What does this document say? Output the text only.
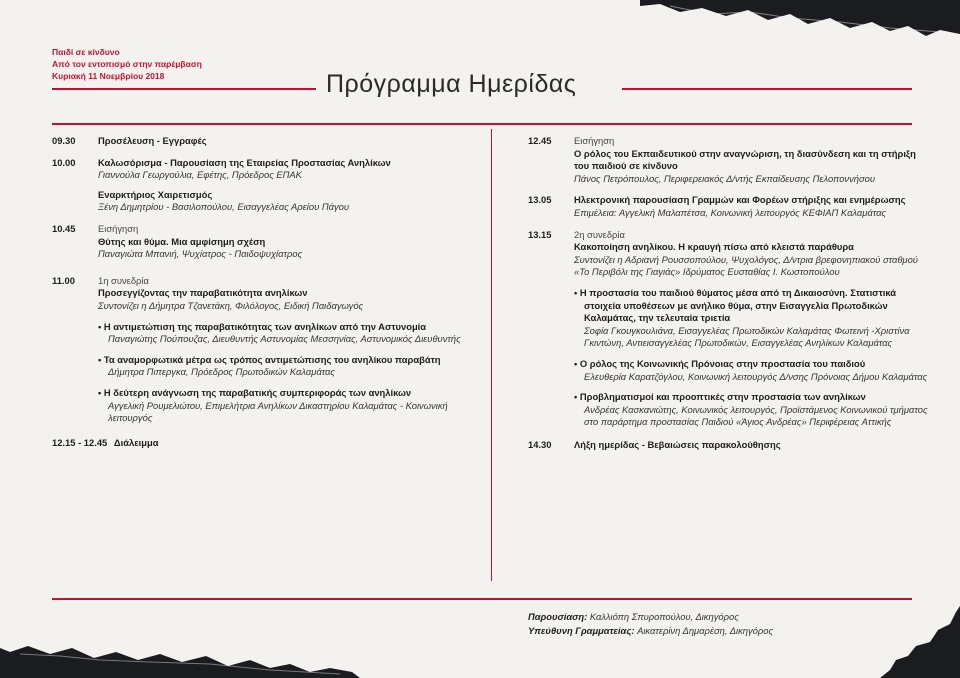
Παιδί σε κίνδυνο
Από τον εντοπισμό στην παρέμβαση
Κυριακή 11 Νοεμβρίου 2018	Πρόγραμμα Ημερίδας
09.30 Προσέλευση - Εγγραφές
10.00 Καλωσόρισμα - Παρουσίαση της Εταιρείας Προστασίας Ανηλίκων
Γιαννούλα Γεωργούλια, Εφέτης, Πρόεδρος ΕΠΑΚ
Εναρκτήριος Χαιρετισμός
Ξένη Δημητρίου - Βασιλοπούλου, Εισαγγελέας Αρείου Πάγου
10.45 Εισήγηση
Θύτης και θύμα. Μια αμφίσημη σχέση
Παναγιώτα Μπανιή, Ψυχίατρος - Παιδοψυχίατρος
11.00 1η συνεδρία
Προσεγγίζοντας την παραβατικότητα ανηλίκων
Συντονίζει η Δήμητρα Τζανετάκη, Φιλόλογος, Ειδική Παιδαγωγός
• Η αντιμετώπιση της παραβατικότητας των ανηλίκων από την Αστυνομία
Παναγιώτης Πούπουζας, Διευθυντής Αστυνομίας Μεσσηνίας, Αστυνομικός Διευθυντής
• Τα αναμορφωτικά μέτρα ως τρόπος αντιμετώπισης του ανηλίκου παραβάτη
Δήμητρα Πιπεργκα, Πρόεδρος Πρωτοδικών Καλαμάτας
• Η δεύτερη ανάγνωση της παραβατικής συμπεριφοράς των ανηλίκων
Αγγελική Ρουμελιώτου, Επιμελήτρια Ανηλίκων Δικαστηρίου Καλαμάτας - Κοινωνική λειτουργός
12.15 - 12.45 Διάλειμμα
12.45 Εισήγηση
Ο ρόλος του Εκπαιδευτικού στην αναγνώριση, τη διασύνδεση και τη στήριξη του παιδιού σε κίνδυνο
Πάνος Πετρόπουλος, Περιφερειακός Δ/ντής Εκπαίδευσης Πελοποννήσου
13.05 Ηλεκτρονική παρουσίαση Γραμμών και Φορέων στήριξης και ενημέρωσης
Επιμέλεια: Αγγελική Μαλαπέτσα, Κοινωνική λειτουργός ΚΕΦΙΑΠ Καλαμάτας
13.15 2η συνεδρία
Κακοποίηση ανηλίκου. Η κραυγή πίσω από κλειστά παράθυρα
Συντονίζει η Αδριανή Ρουσσοπούλου, Ψυχολόγος, Δ/ντρια βρεφονηπιακού σταθμού «Το Περιβόλι της Γιαγιάς» Ιδρύματος Ευσταθίας Ι. Κωστοπούλου
• Η προστασία του παιδιού θύματος μέσα από τη Δικαιοσύνη. Στατιστικά στοιχεία υποθέσεων με ανήλικο θύμα, στην Εισαγγελία Πρωτοδικών Καλαμάτας, την τελευταία τριετία
Σοφία Γκουγκουλιάνα, Εισαγγελέας Πρωτοδικών Καλαμάτας Φωτεινή -Χριστίνα Γκιντώνη, Αντιεισαγγελέας Πρωτοδικών, Εισαγγελέας Ανηλίκων Καλαμάτας
• Ο ρόλος της Κοινωνικής Πρόνοιας στην προστασία του παιδιού
Ελευθερία Καρατζόγλου, Κοινωνική λειτουργός Δ/νσης Πρόνοιας Δήμου Καλαμάτας
• Προβληματισμοί και προοπτικές στην προστασία των ανηλίκων
Ανδρέας Κασκανιώτης, Κοινωνικός λειτουργός, Προϊστάμενος Κοινωνικού τμήματος στο παράρτημα προστασίας Παιδιού «Άγιος Ανδρέας» Περιφέρειας Αττικής
14.30 Λήξη ημερίδας - Βεβαιώσεις παρακολούθησης
Παρουσίαση: Καλλιόπη Σπυροπούλου, Δικηγόρος
Υπεύθυνη Γραμματείας: Αικατερίνη Δημαρέση, Δικηγόρος
